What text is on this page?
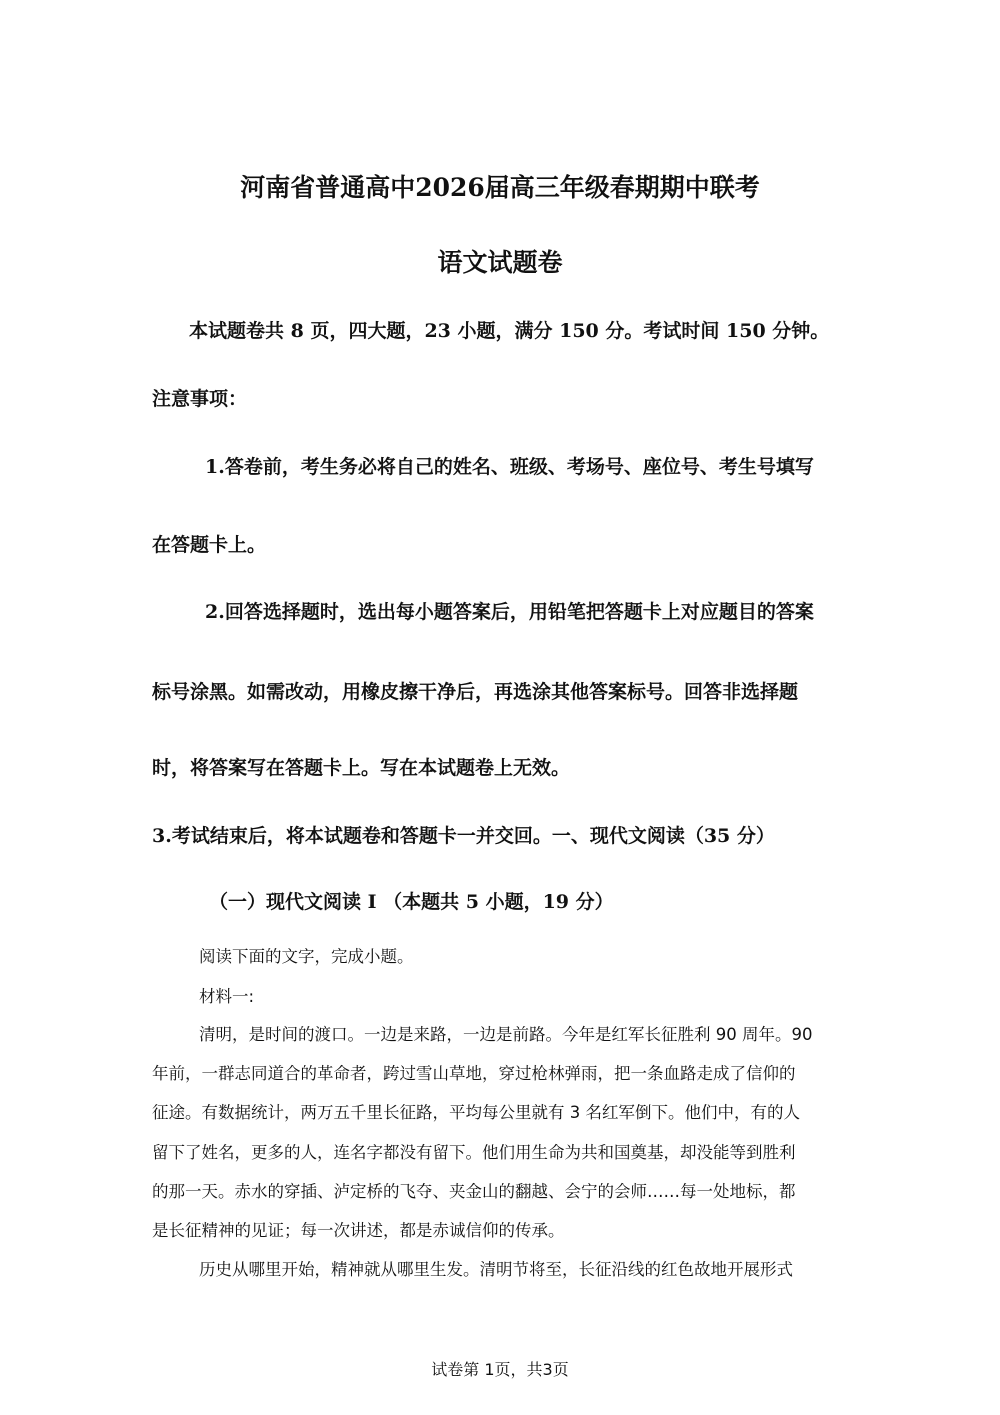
河南省普通高中2026届高三年级春期期中联考

语文试题卷

本试题卷共 8 页，四大题，23 小题，满分 150 分。考试时间 150 分钟。

注意事项：

1.答卷前，考生务必将自己的姓名、班级、考场号、座位号、考生号填写

在答题卡上。

2.回答选择题时，选出每小题答案后，用铅笔把答题卡上对应题目的答案

标号涂黑。如需改动，用橡皮擦干净后，再选涂其他答案标号。回答非选择题

时，将答案写在答题卡上。写在本试题卷上无效。

3.考试结束后，将本试题卷和答题卡一并交回。一、现代文阅读（35 分）

（一）现代文阅读 I （本题共 5 小题，19 分）

阅读下面的文字，完成小题。

材料一:

清明，是时间的渡口。一边是来路，一边是前路。今年是红军长征胜利 90 周年。90

年前，一群志同道合的革命者，跨过雪山草地，穿过枪林弹雨，把一条血路走成了信仰的

征途。有数据统计，两万五千里长征路，平均每公里就有 3 名红军倒下。他们中，有的人

留下了姓名，更多的人，连名字都没有留下。他们用生命为共和国奠基，却没能等到胜利

的那一天。赤水的穿插、泸定桥的飞夺、夹金山的翻越、会宁的会师……每一处地标，都

是长征精神的见证；每一次讲述，都是赤诚信仰的传承。

历史从哪里开始，精神就从哪里生发。清明节将至，长征沿线的红色故地开展形式

试卷第 1页，共3页
